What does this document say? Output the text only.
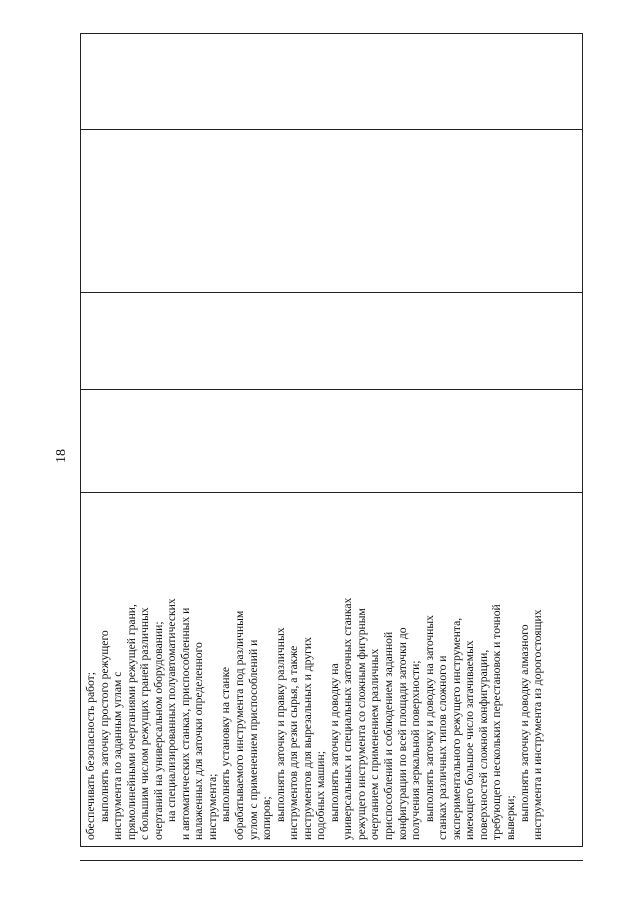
18
обеспечивать безопасность работ; выполнять заточку простого режущего инструмента по заданным углам с прямолинейными очертаниями режущей грани, с большим числом режущих граней различных очертаний на универсальном оборудовании; на специализированных полуавтоматических и автоматических станках, приспособленных и налаженных для заточки определенного инструмента; выполнять установку на станке обрабатываемого инструмента под различным углом с применением приспособлений и копиров; выполнять заточку и правку различных инструментов для резки сырья, а также инструментов для вырезальных и других подобных машин; выполнять заточку и доводку на универсальных и специальных заточных станках режущего инструмента со сложным фигурным очертанием с применением различных приспособлений и соблюдением заданной конфигурации по всей площади заточки до получения зеркальной поверхности; выполнять заточку и доводку на заточных станках различных типов сложного и экспериментального режущего инструмента, имеющего большое число затачиваемых поверхностей сложной конфигурации, требующего нескольких перестановок и точной выверки; выполнять заточку и доводку алмазного инструмента и инструмента из дорогостоящих
